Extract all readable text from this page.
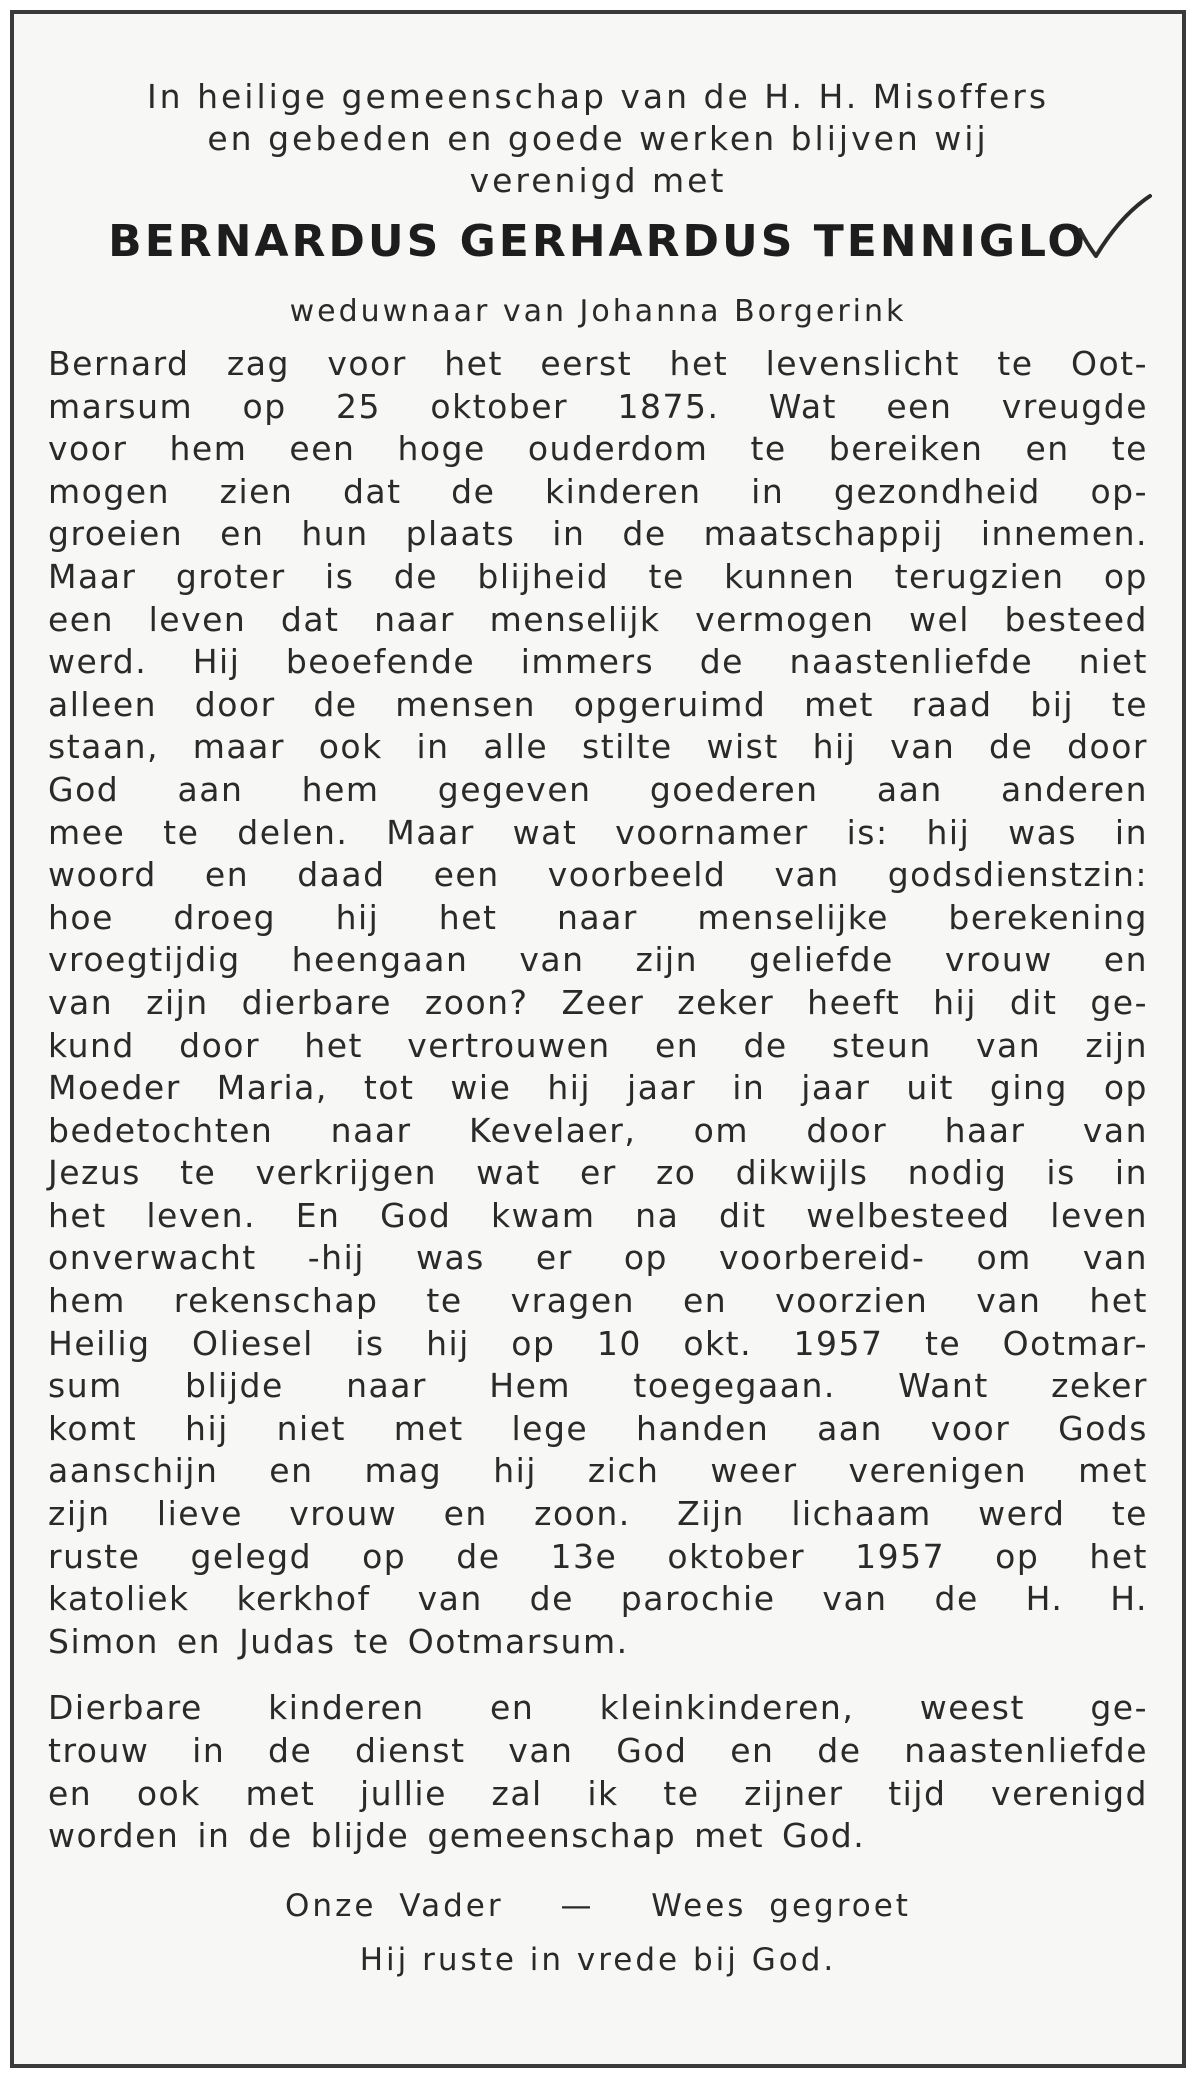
In heilige gemeenschap van de H. H. Misoffers
en gebeden en goede werken blijven wij
verenigd met
BERNARDUS GERHARDUS TENNIGLO
weduwnaar van Johanna Borgerink
Bernard zag voor het eerst het levenslicht te Oot-
marsum op 25 oktober 1875. Wat een vreugde
voor hem een hoge ouderdom te bereiken en te
mogen zien dat de kinderen in gezondheid op-
groeien en hun plaats in de maatschappij innemen.
Maar groter is de blijheid te kunnen terugzien op
een leven dat naar menselijk vermogen wel besteed
werd. Hij beoefende immers de naastenliefde niet
alleen door de mensen opgeruimd met raad bij te
staan, maar ook in alle stilte wist hij van de door
God aan hem gegeven goederen aan anderen
mee te delen. Maar wat voornamer is: hij was in
woord en daad een voorbeeld van godsdienstzin:
hoe droeg hij het naar menselijke berekening
vroegtijdig heengaan van zijn geliefde vrouw en
van zijn dierbare zoon? Zeer zeker heeft hij dit ge-
kund door het vertrouwen en de steun van zijn
Moeder Maria, tot wie hij jaar in jaar uit ging op
bedetochten naar Kevelaer, om door haar van
Jezus te verkrijgen wat er zo dikwijls nodig is in
het leven. En God kwam na dit welbesteed leven
onverwacht -hij was er op voorbereid- om van
hem rekenschap te vragen en voorzien van het
Heilig Oliesel is hij op 10 okt. 1957 te Ootmar-
sum blijde naar Hem toegegaan. Want zeker
komt hij niet met lege handen aan voor Gods
aanschijn en mag hij zich weer verenigen met
zijn lieve vrouw en zoon. Zijn lichaam werd te
ruste gelegd op de 13e oktober 1957 op het
katoliek kerkhof van de parochie van de H. H.
Simon en Judas te Ootmarsum.
Dierbare kinderen en kleinkinderen, weest ge-
trouw in de dienst van God en de naastenliefde
en ook met jullie zal ik te zijner tijd verenigd
worden in de blijde gemeenschap met God.
Onze Vader — Wees gegroet
Hij ruste in vrede bij God.
